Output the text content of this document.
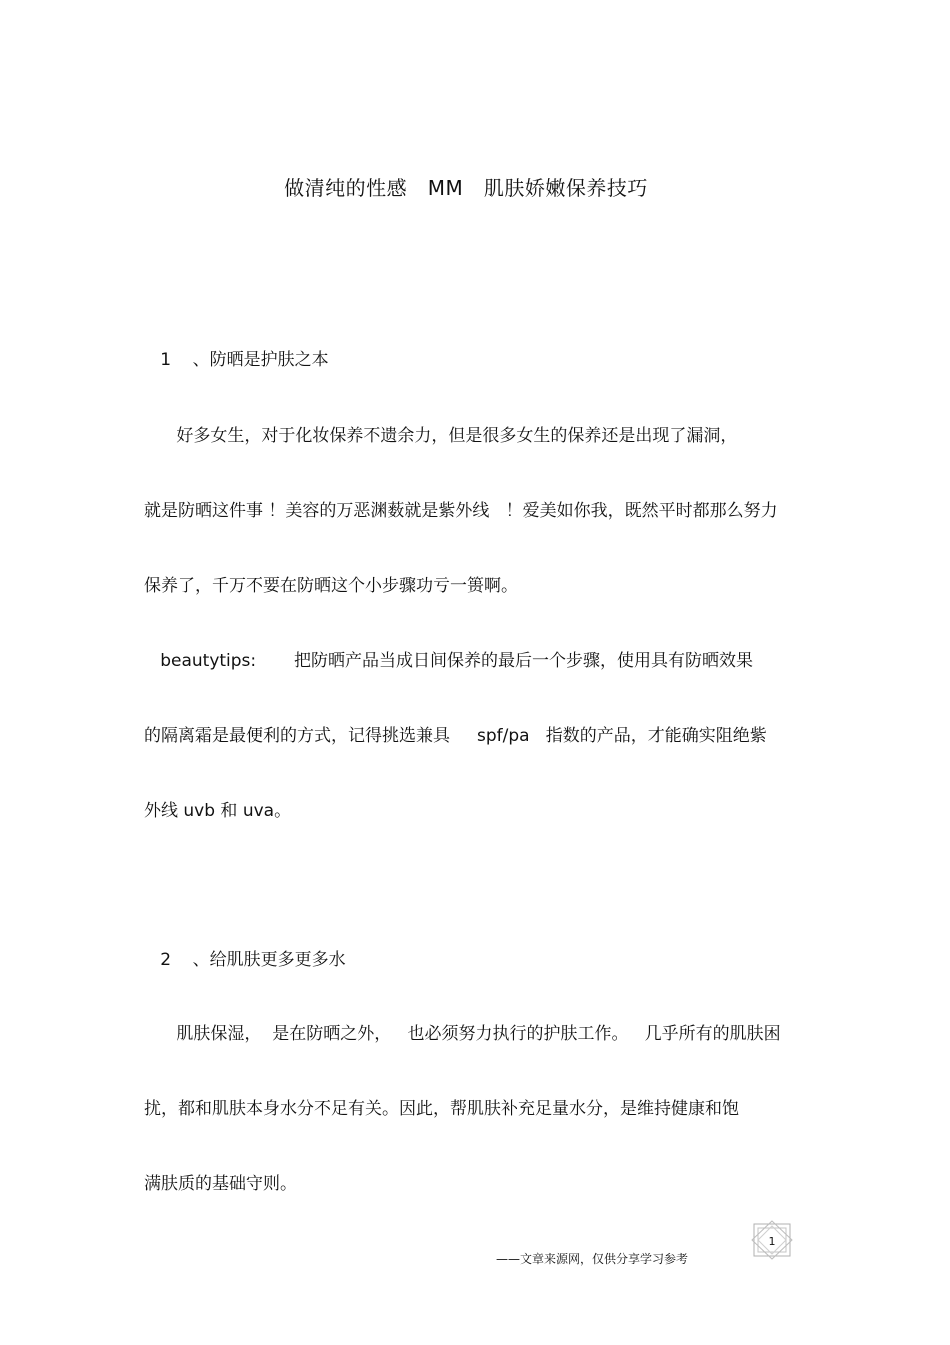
做清纯的性感   MM   肌肤娇嫩保养技巧
1    、防晒是护肤之本
好多女生，对于化妆保养不遗余力，但是很多女生的保养还是出现了漏洞，
就是防晒这件事 ！美容的万恶渊薮就是紫外线   ！爱美如你我，既然平时都那么努力
保养了，千万不要在防晒这个小步骤功亏一篑啊。
beautytips:       把防晒产品当成日间保养的最后一个步骤，使用具有防晒效果
的隔离霜是最便利的方式，记得挑选兼具     spf/pa   指数的产品，才能确实阻绝紫
外线 uvb 和 uva。
2    、给肌肤更多更多水
肌肤保湿，  是在防晒之外，   也必须努力执行的护肤工作。   几乎所有的肌肤困
扰，都和肌肤本身水分不足有关。因此，帮肌肤补充足量水分，是维持健康和饱
满肤质的基础守则。
——文章来源网，仅供分享学习参考
1
